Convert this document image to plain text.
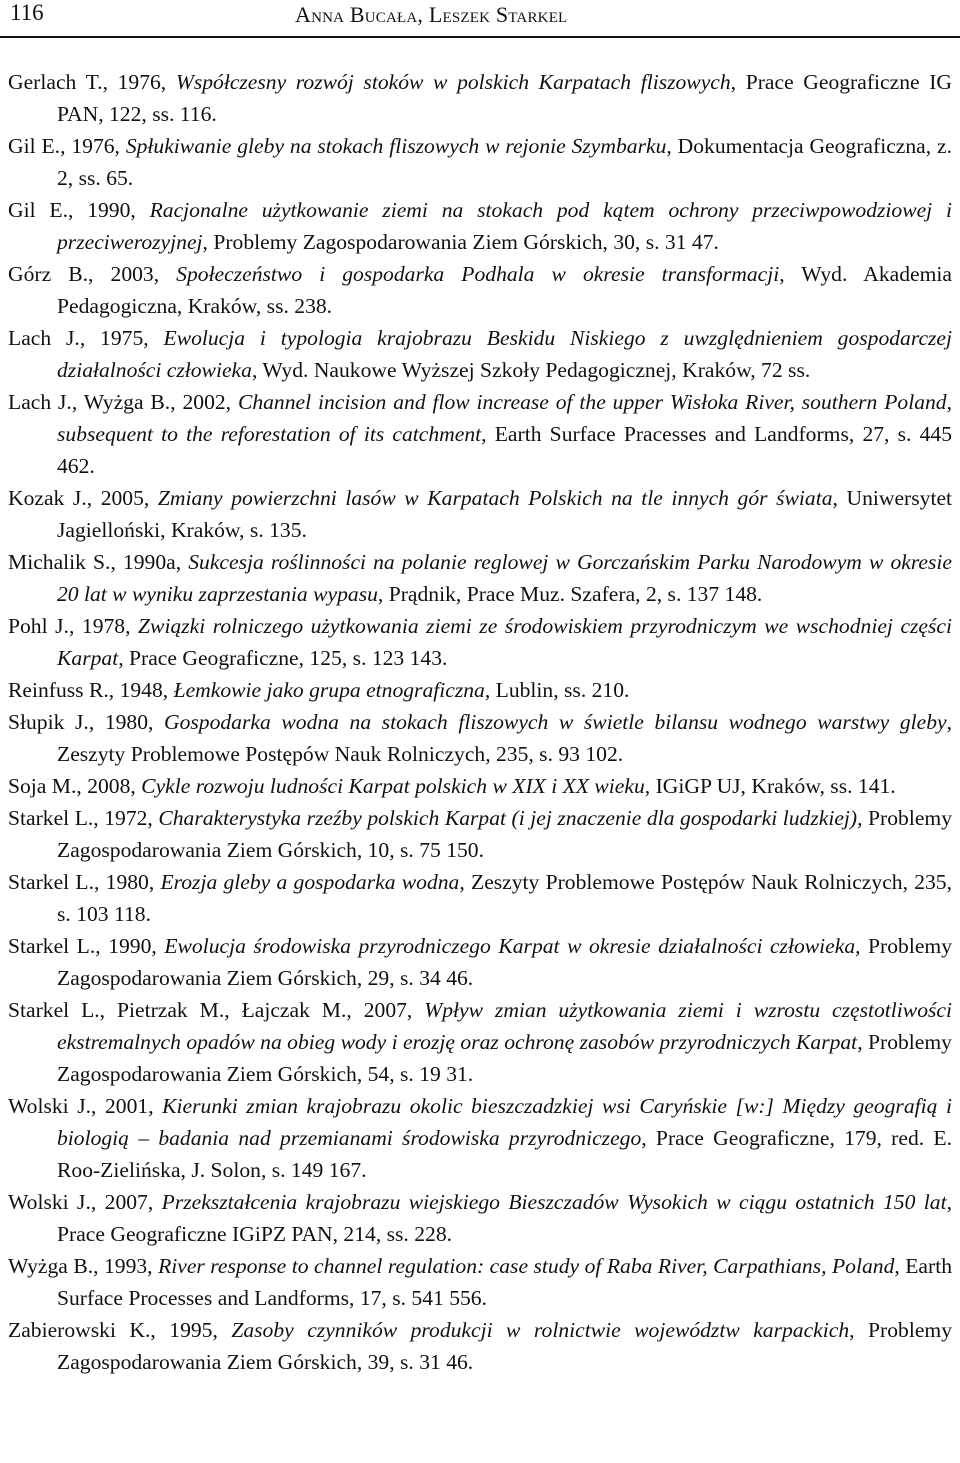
116	Anna Bucała, Leszek Starkel
Gerlach T., 1976, Współczesny rozwój stoków w polskich Karpatach fliszowych, Prace Geograficzne IG PAN, 122, ss. 116.
Gil E., 1976, Spłukiwanie gleby na stokach fliszowych w rejonie Szymbarku, Dokumentacja Geograficzna, z. 2, ss. 65.
Gil E., 1990, Racjonalne użytkowanie ziemi na stokach pod kątem ochrony przeciwpowodziowej i przeciwerozyjnej, Problemy Zagospodarowania Ziem Górskich, 30, s. 31 47.
Górz B., 2003, Społeczeństwo i gospodarka Podhala w okresie transformacji, Wyd. Akademia Pedagogiczna, Kraków, ss. 238.
Lach J., 1975, Ewolucja i typologia krajobrazu Beskidu Niskiego z uwzględnieniem gospodarczej działalności człowieka, Wyd. Naukowe Wyższej Szkoły Pedagogicznej, Kraków, 72 ss.
Lach J., Wyżga B., 2002, Channel incision and flow increase of the upper Wisłoka River, southern Poland, subsequent to the reforestation of its catchment, Earth Surface Pracesses and Landforms, 27, s. 445 462.
Kozak J., 2005, Zmiany powierzchni lasów w Karpatach Polskich na tle innych gór świata, Uniwersytet Jagielloński, Kraków, s. 135.
Michalik S., 1990a, Sukcesja roślinności na polanie reglowej w Gorczańskim Parku Narodowym w okresie 20 lat w wyniku zaprzestania wypasu, Prądnik, Prace Muz. Szafera, 2, s. 137 148.
Pohl J., 1978, Związki rolniczego użytkowania ziemi ze środowiskiem przyrodniczym we wschodniej części Karpat, Prace Geograficzne, 125, s. 123 143.
Reinfuss R., 1948, Łemkowie jako grupa etnograficzna, Lublin, ss. 210.
Słupik J., 1980, Gospodarka wodna na stokach fliszowych w świetle bilansu wodnego warstwy gleby, Zeszyty Problemowe Postępów Nauk Rolniczych, 235, s. 93 102.
Soja M., 2008, Cykle rozwoju ludności Karpat polskich w XIX i XX wieku, IGiGP UJ, Kraków, ss. 141.
Starkel L., 1972, Charakterystyka rzeźby polskich Karpat (i jej znaczenie dla gospodarki ludzkiej), Problemy Zagospodarowania Ziem Górskich, 10, s. 75 150.
Starkel L., 1980, Erozja gleby a gospodarka wodna, Zeszyty Problemowe Postępów Nauk Rolniczych, 235, s. 103 118.
Starkel L., 1990, Ewolucja środowiska przyrodniczego Karpat w okresie działalności człowieka, Problemy Zagospodarowania Ziem Górskich, 29, s. 34 46.
Starkel L., Pietrzak M., Łajczak M., 2007, Wpływ zmian użytkowania ziemi i wzrostu częstotliwości ekstremalnych opadów na obieg wody i erozję oraz ochronę zasobów przyrodniczych Karpat, Problemy Zagospodarowania Ziem Górskich, 54, s. 19 31.
Wolski J., 2001, Kierunki zmian krajobrazu okolic bieszczadzkiej wsi Caryńskie [w:] Między geografią i biologią – badania nad przemianami środowiska przyrodniczego, Prace Geograficzne, 179, red. E. Roo-Zielińska, J. Solon, s. 149 167.
Wolski J., 2007, Przekształcenia krajobrazu wiejskiego Bieszczadów Wysokich w ciągu ostatnich 150 lat, Prace Geograficzne IGiPZ PAN, 214, ss. 228.
Wyżga B., 1993, River response to channel regulation: case study of Raba River, Carpathians, Poland, Earth Surface Processes and Landforms, 17, s. 541 556.
Zabierowski K., 1995, Zasoby czynników produkcji w rolnictwie województw karpackich, Problemy Zagospodarowania Ziem Górskich, 39, s. 31 46.
